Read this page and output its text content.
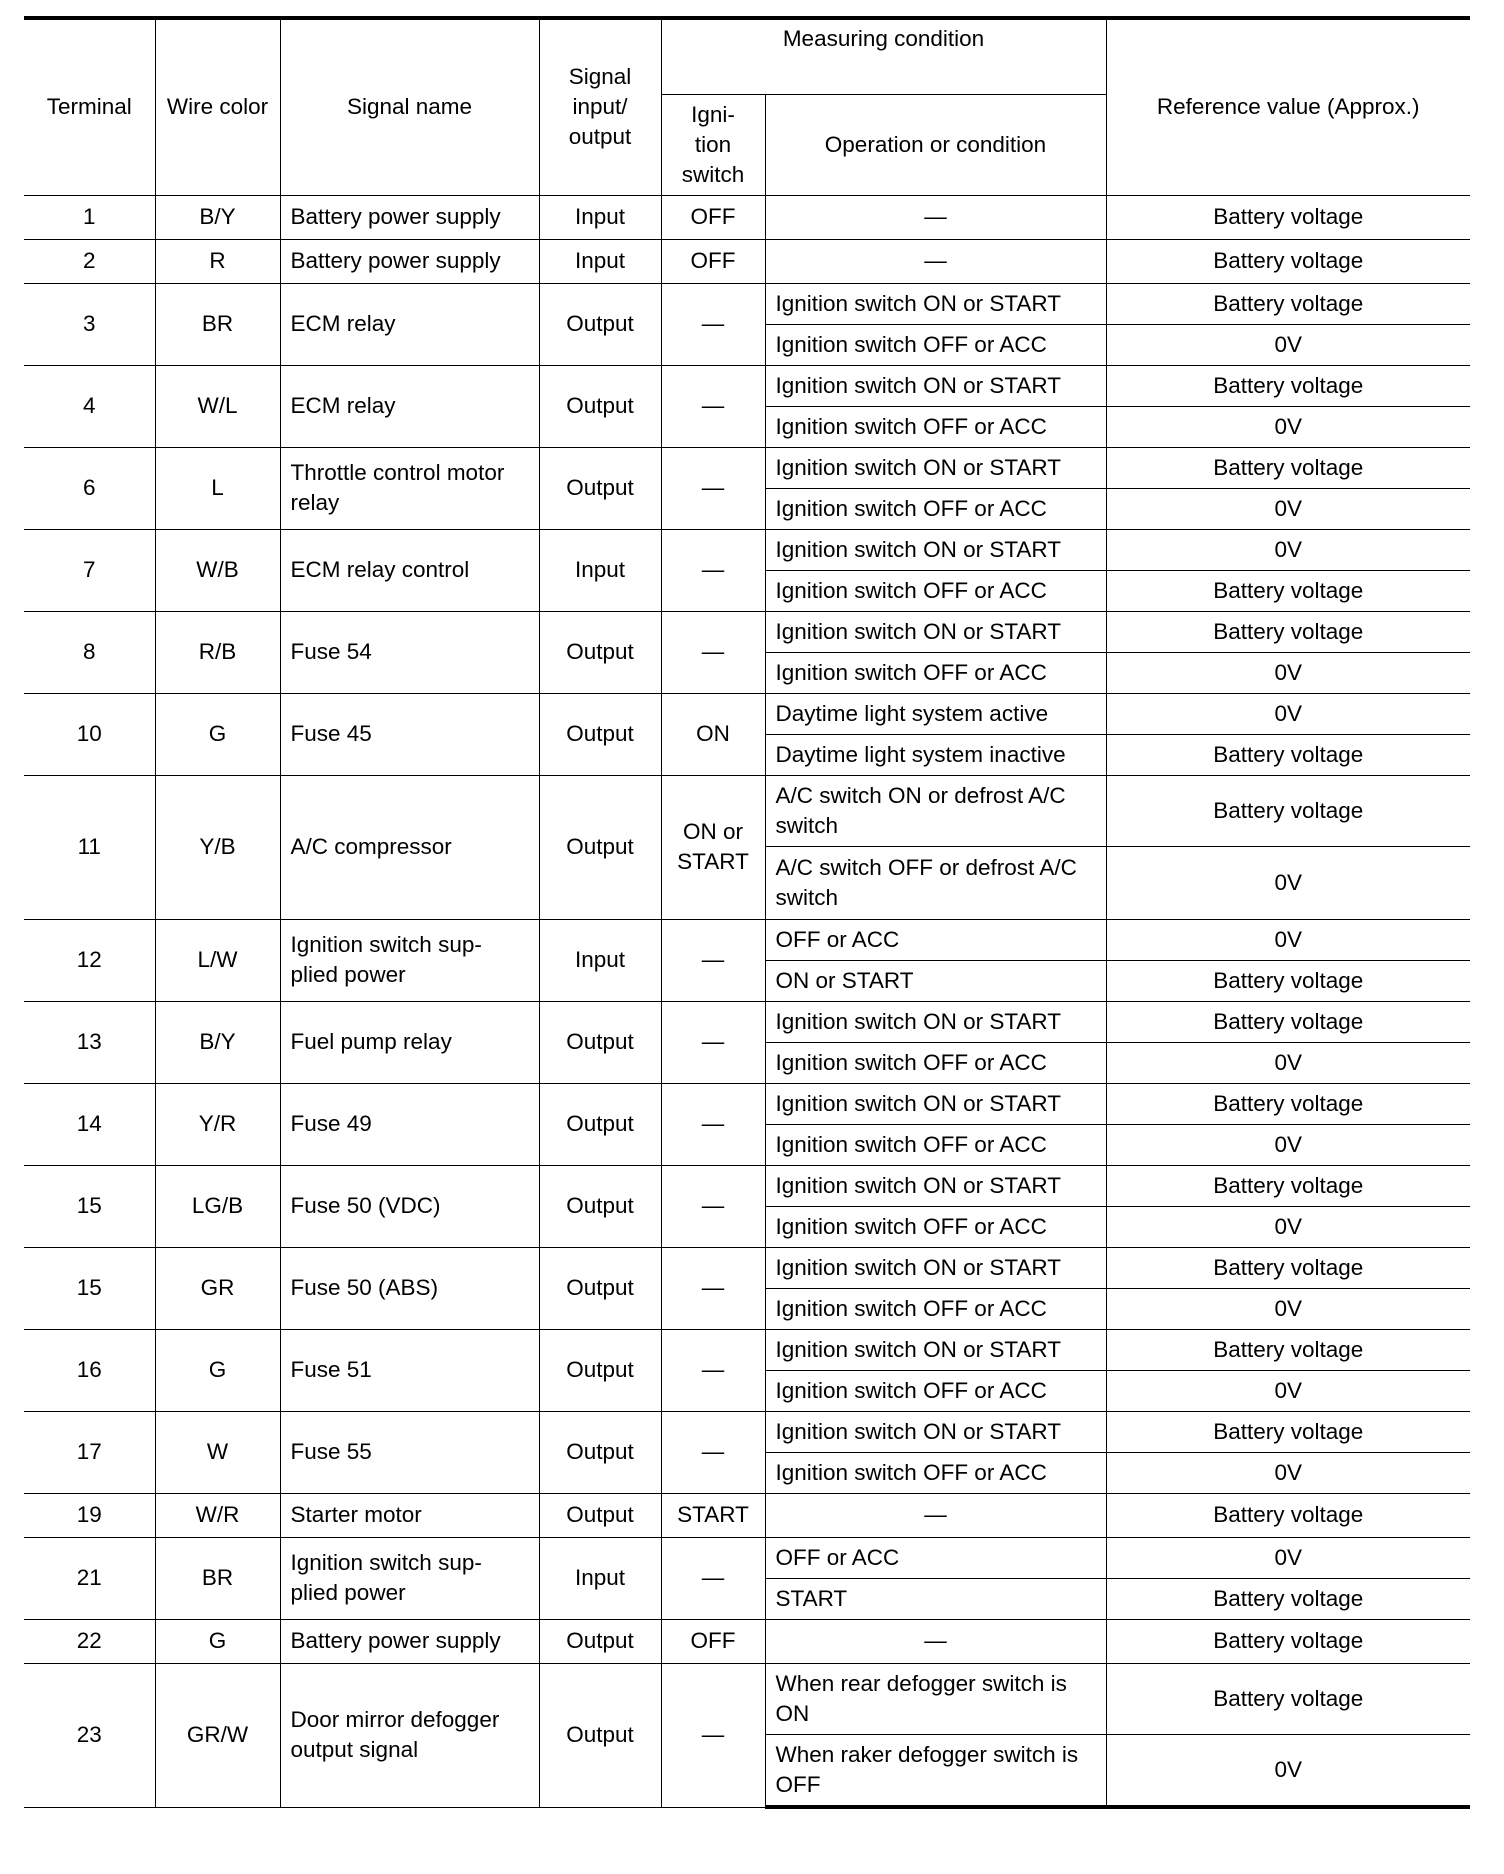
Terminal	Wire color	Signal name	Signal input/ output	Measuring condition		Reference value (Approx.)
				Igni- tion switch	Operation or condition	
1	B/Y	Battery power supply	Input	OFF	—	Battery voltage
2	R	Battery power supply	Input	OFF	—	Battery voltage
3	BR	ECM relay	Output	—	Ignition switch ON or START	Battery voltage
					Ignition switch OFF or ACC	0V
4	W/L	ECM relay	Output	—	Ignition switch ON or START	Battery voltage
					Ignition switch OFF or ACC	0V
6	L	Throttle control motor relay	Output	—	Ignition switch ON or START	Battery voltage
					Ignition switch OFF or ACC	0V
7	W/B	ECM relay control	Input	—	Ignition switch ON or START	0V
					Ignition switch OFF or ACC	Battery voltage
8	R/B	Fuse 54	Output	—	Ignition switch ON or START	Battery voltage
					Ignition switch OFF or ACC	0V
10	G	Fuse 45	Output	ON	Daytime light system active	0V
					Daytime light system inactive	Battery voltage
11	Y/B	A/C compressor	Output	ON or START	A/C switch ON or defrost A/C switch	Battery voltage
					A/C switch OFF or defrost A/C switch	0V
12	L/W	Ignition switch sup- plied power	Input	—	OFF or ACC	0V
					ON or START	Battery voltage
13	B/Y	Fuel pump relay	Output	—	Ignition switch ON or START	Battery voltage
					Ignition switch OFF or ACC	0V
14	Y/R	Fuse 49	Output	—	Ignition switch ON or START	Battery voltage
					Ignition switch OFF or ACC	0V
15	LG/B	Fuse 50 (VDC)	Output	—	Ignition switch ON or START	Battery voltage
					Ignition switch OFF or ACC	0V
15	GR	Fuse 50 (ABS)	Output	—	Ignition switch ON or START	Battery voltage
					Ignition switch OFF or ACC	0V
16	G	Fuse 51	Output	—	Ignition switch ON or START	Battery voltage
					Ignition switch OFF or ACC	0V
17	W	Fuse 55	Output	—	Ignition switch ON or START	Battery voltage
					Ignition switch OFF or ACC	0V
19	W/R	Starter motor	Output	START	—	Battery voltage
21	BR	Ignition switch sup- plied power	Input	—	OFF or ACC	0V
					START	Battery voltage
22	G	Battery power supply	Output	OFF	—	Battery voltage
23	GR/W	Door mirror defogger output signal	Output	—	When rear defogger switch is ON	Battery voltage
					When raker defogger switch is OFF	0V
